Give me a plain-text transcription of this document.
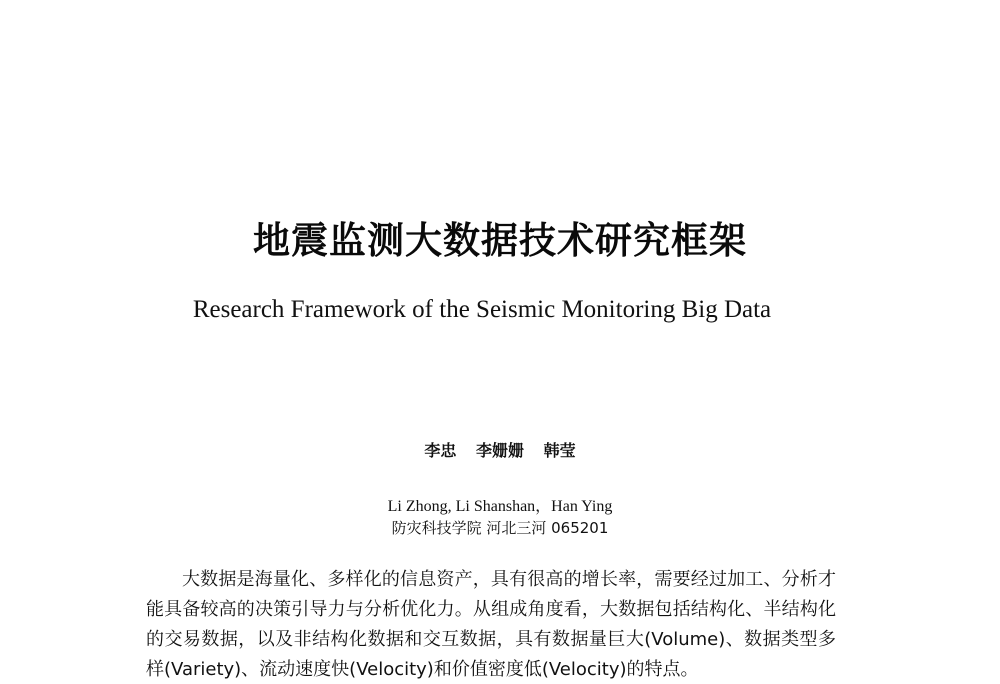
地震监测大数据技术研究框架
Research Framework of the Seismic Monitoring Big Data
李忠 李姗姗 韩莹
Li Zhong, Li Shanshan，Han Ying
防灾科技学院 河北三河 065201

大数据是海量化、多样化的信息资产，具有很高的增长率，需要经过加工、分析才能具备较高的决策引导力与分析优化力。从组成角度看，大数据包括结构化、半结构化的交易数据，以及非结构化数据和交互数据，具有数据量巨大(Volume)、数据类型多样(Variety)、流动速度快(Velocity)和价值密度低(Velocity)的特点。
